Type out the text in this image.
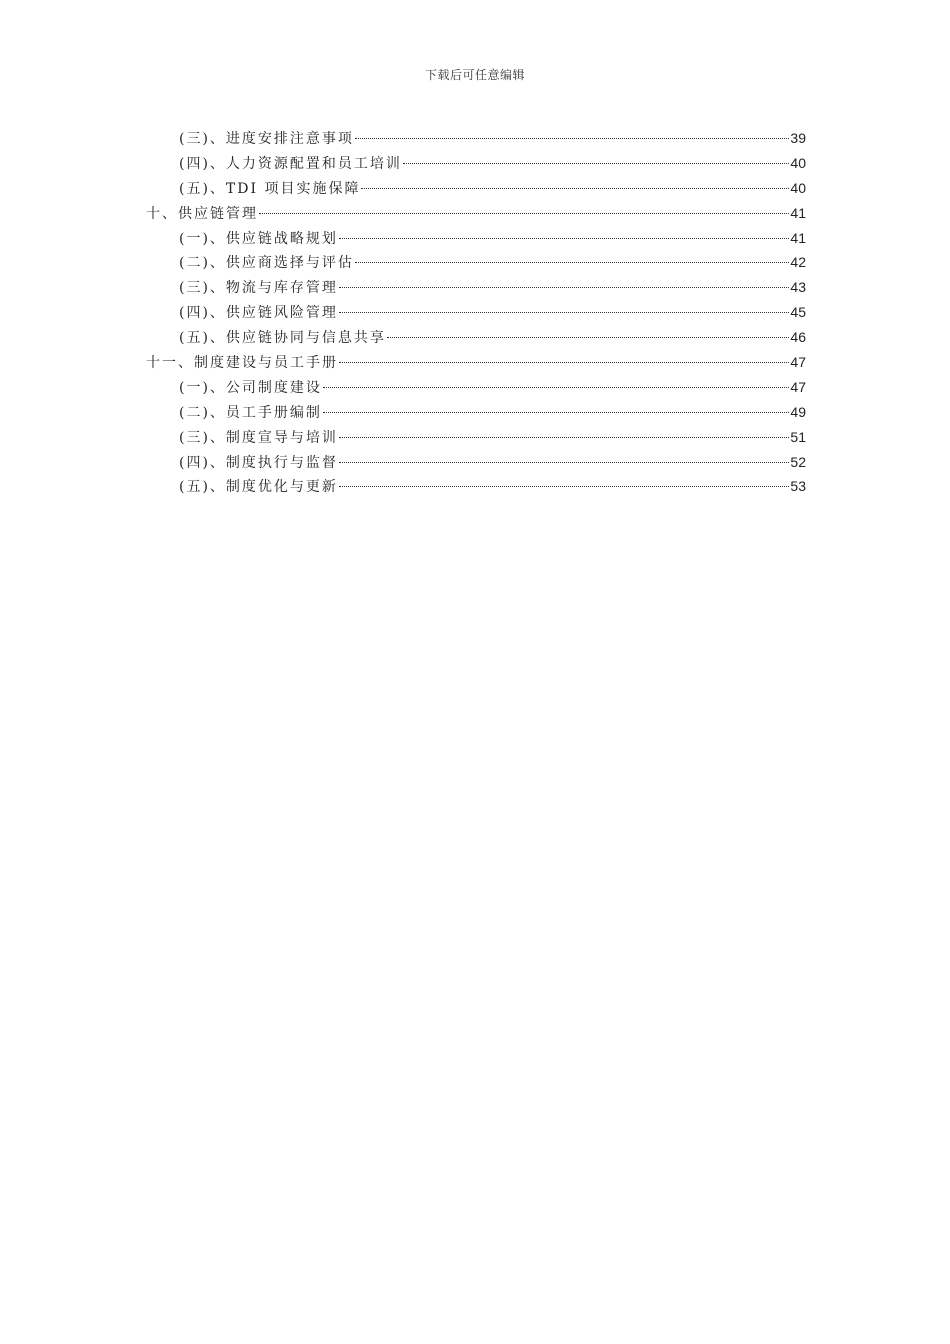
下载后可任意编辑
(三)、进度安排注意事项	39
(四)、人力资源配置和员工培训	40
(五)、TDI 项目实施保障	40
十、供应链管理	41
(一)、供应链战略规划	41
(二)、供应商选择与评估	42
(三)、物流与库存管理	43
(四)、供应链风险管理	45
(五)、供应链协同与信息共享	46
十一、制度建设与员工手册	47
(一)、公司制度建设	47
(二)、员工手册编制	49
(三)、制度宣导与培训	51
(四)、制度执行与监督	52
(五)、制度优化与更新	53
